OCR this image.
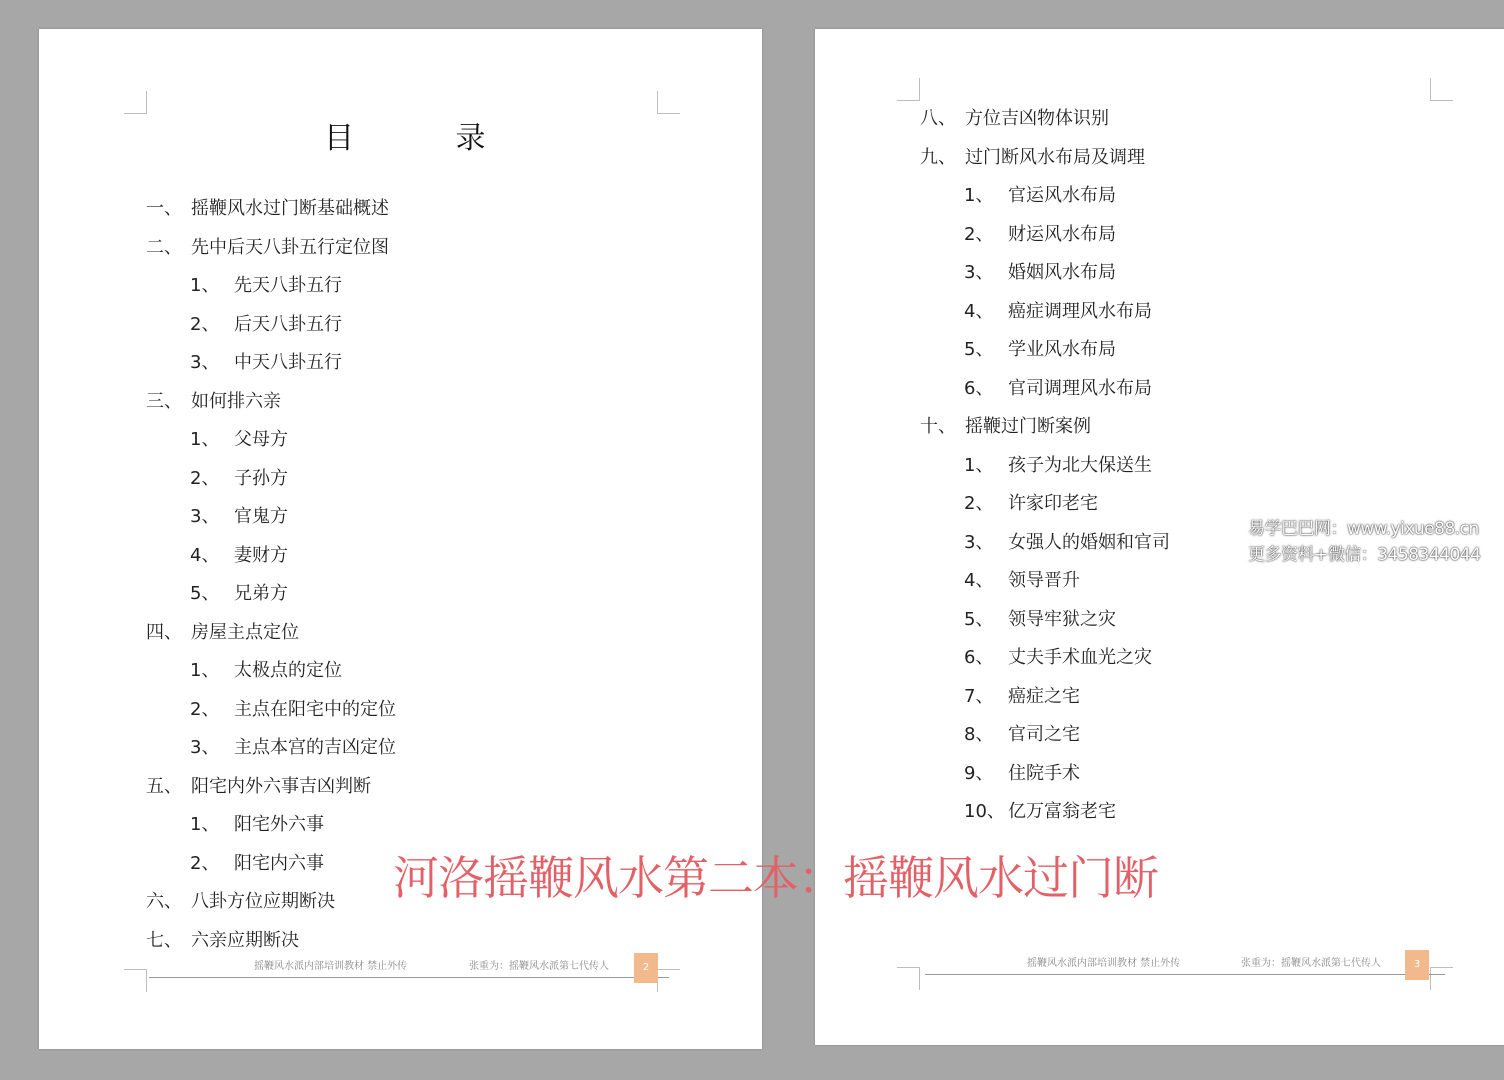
目 录
一、 摇鞭风水过门断基础概述
二、 先中后天八卦五行定位图
1、 先天八卦五行
2、 后天八卦五行
3、 中天八卦五行
三、 如何排六亲
1、 父母方
2、 子孙方
3、 官鬼方
4、 妻财方
5、 兄弟方
四、 房屋主点定位
1、 太极点的定位
2、 主点在阳宅中的定位
3、 主点本宫的吉凶定位
五、 阳宅内外六事吉凶判断
1、 阳宅外六事
2、 阳宅内六事
六、 八卦方位应期断决
七、 六亲应期断决
摇鞭风水派内部培训教材 禁止外传	张重为：摇鞭风水派第七代传人	2
八、 方位吉凶物体识别
九、 过门断风水布局及调理
1、 官运风水布局
2、 财运风水布局
3、 婚姻风水布局
4、 癌症调理风水布局
5、 学业风水布局
6、 官司调理风水布局
十、 摇鞭过门断案例
1、 孩子为北大保送生
2、 许家印老宅
3、 女强人的婚姻和官司
4、 领导晋升
5、 领导牢狱之灾
6、 丈夫手术血光之灾
7、 癌症之宅
8、 官司之宅
9、 住院手术
10、 亿万富翁老宅
摇鞭风水派内部培训教材 禁止外传	张重为：摇鞭风水派第七代传人	3
易学巴巴网：www.yixue88.cn
更多资料+微信：3458344044
河洛摇鞭风水第二本：摇鞭风水过门断
